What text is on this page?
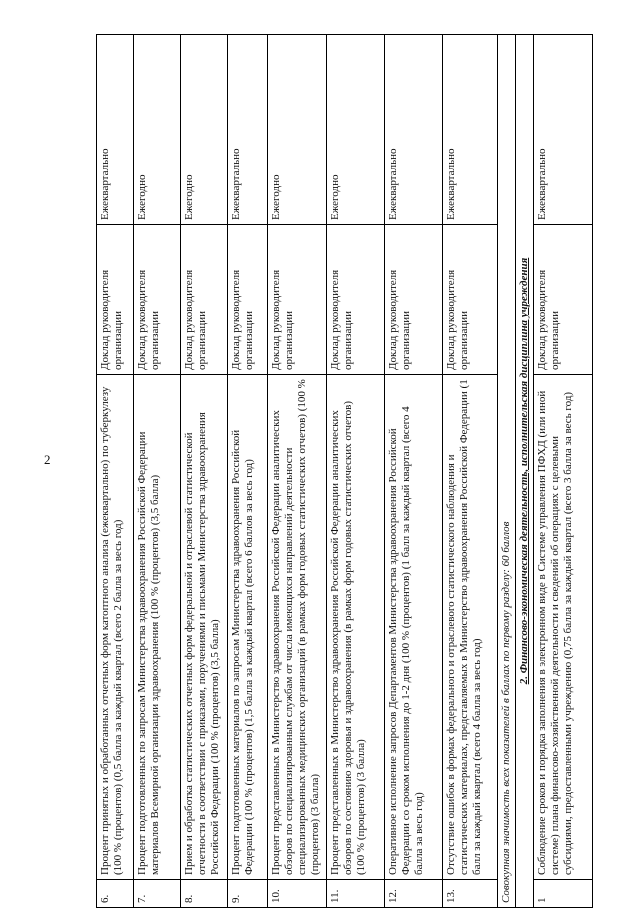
2
6.	Процент принятых и обработанных отчетных форм катоптного анализа (ежеквартально) по туберкулезу (100 % (процентов) (0,5 балла за каждый квартал (всего 2 балла за весь год)	Доклад руководителя организации	Ежеквартально
7.	Процент подготовленных по запросам Министерства здравоохранения Российской Федерации материалов Всемирной организации здравоохранения (100 % (процентов) (3,5 балла)	Доклад руководителя организации	Ежегодно
8.	Прием и обработка статистических отчетных форм федеральной и отраслевой статистической отчетности в соответствии с приказами, поручениями и письмами Министерства здравоохранения Российской Федерации (100 % (процентов) (3,5 балла)	Доклад руководителя организации	Ежегодно
9.	Процент подготовленных материалов по запросам Министерства здравоохранения Российской Федерации (100 % (процентов) (1,5 балла за каждый квартал (всего 6 баллов за весь год)	Доклад руководителя организации	Ежеквартально
10.	Процент представленных в Министерство здравоохранения Российской Федерации аналитических обзоров по специализированным службам от числа имеющихся направлений деятельности специализированных медицинских организаций (в рамках форм годовых статистических отчетов) (100 % (процентов) (3 балла)	Доклад руководителя организации	Ежегодно
11.	Процент представленных в Министерство здравоохранения Российской Федерации аналитических обзоров по состоянию здоровья и здравоохранения (в рамках форм годовых статистических отчетов) (100 % (процентов) (3 балла)	Доклад руководителя организации	Ежегодно
12.	Оперативное исполнение запросов Департаментов Министерства здравоохранения Российской Федерации со сроком исполнения до 1-2 дня (100 % (процентов) (1 балл за каждый квартал (всего 4 балла за весь год)	Доклад руководителя организации	Ежеквартально
13.	Отсутствие ошибок в формах федерального и отраслевого статистического наблюдения и статистических материалах, представляемых в Министерство здравоохранения Российской Федерации (1 балл за каждый квартал (всего 4 балла за весь год)	Доклад руководителя организации	Ежеквартально
Совокупная значимость всех показателей в баллах по первому разделу: 60 баллов			
2. Финансово-экономическая деятельность, исполнительская дисциплина учреждения			
1	Соблюдение сроков и порядка заполнения в электронном виде в Системе управления ПФХД (или иной системе) плана финансово-хозяйственной деятельности и сведений об операциях с целевыми субсидиями, предоставленными учреждению (0,75 балла за каждый квартал (всего 3 балла за весь год)	Доклад руководителя организации	Ежеквартально
